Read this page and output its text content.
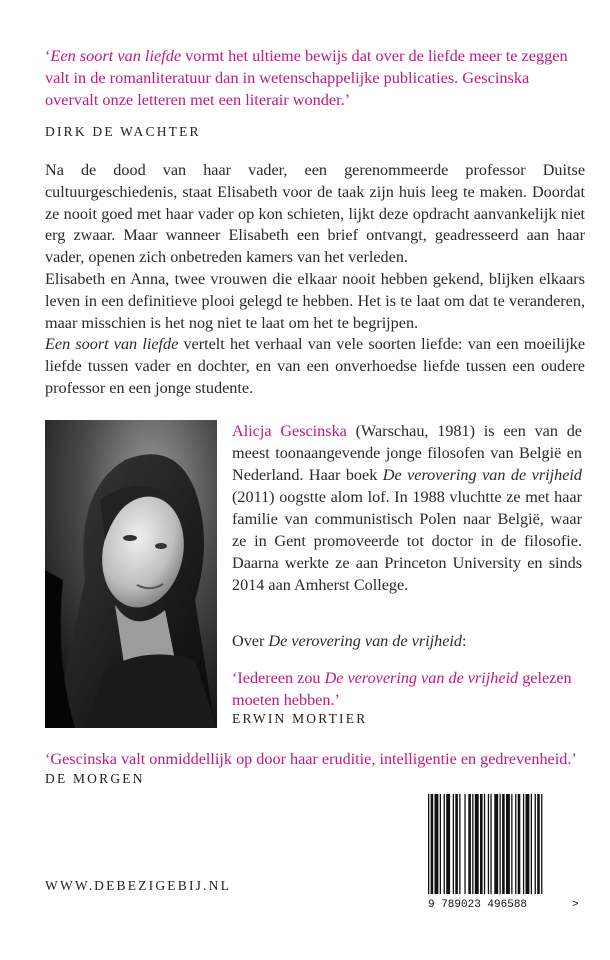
‘Een soort van liefde vormt het ultieme bewijs dat over de liefde meer te zeggen valt in de romanliteratuur dan in wetenschappelijke publicaties. Gescinska overvalt onze letteren met een literair wonder.’
DIRK DE WACHTER

Na de dood van haar vader, een gerenommeerde professor Duitse cultuurgeschiedenis, staat Elisabeth voor de taak zijn huis leeg te maken. Doordat ze nooit goed met haar vader op kon schieten, lijkt deze opdracht aanvankelijk niet erg zwaar. Maar wanneer Elisabeth een brief ontvangt, geadresseerd aan haar vader, openen zich onbetreden kamers van het verleden.

Elisabeth en Anna, twee vrouwen die elkaar nooit hebben gekend, blijken elkaars leven in een definitieve plooi gelegd te hebben. Het is te laat om dat te veranderen, maar misschien is het nog niet te laat om het te begrijpen.

Een soort van liefde vertelt het verhaal van vele soorten liefde: van een moeilijke liefde tussen vader en dochter, en van een onverhoedse liefde tussen een oudere professor en een jonge studente.

Alicja Gescinska (Warschau, 1981) is een van de meest toonaangevende jonge filosofen van België en Nederland. Haar boek De verovering van de vrijheid (2011) oogstte alom lof. In 1988 vluchtte ze met haar familie van communistisch Polen naar België, waar ze in Gent promoveerde tot doctor in de filosofie. Daarna werkte ze aan Princeton University en sinds 2014 aan Amherst College.
Over De verovering van de vrijheid:
‘Iedereen zou De verovering van de vrijheid gelezen moeten hebben.’
ERWIN MORTIER
‘Gescinska valt onmiddellijk op door haar eruditie, intelligentie en gedrevenheid.’
DE MORGEN
WWW.DEBEZIGEBIJ.NL
9 789023 496588	>
